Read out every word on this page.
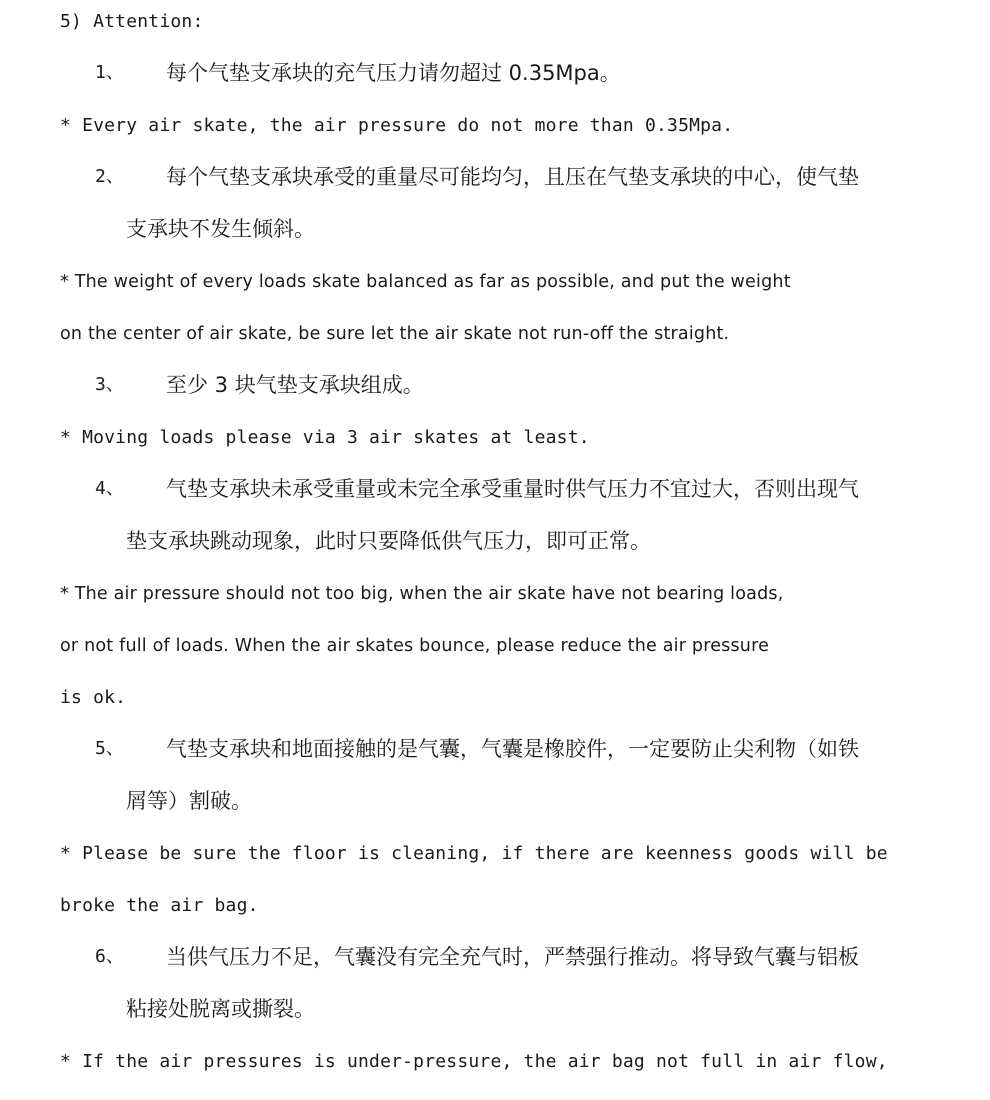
5) Attention:
1、 每个气垫支承块的充气压力请勿超过 0.35Mpa。
* Every air skate, the air pressure do not more than 0.35Mpa.
2、 每个气垫支承块承受的重量尽可能均匀，且压在气垫支承块的中心，使气垫
支承块不发生倾斜。
* The weight of every loads skate balanced as far as possible, and put the weight
on the center of air skate, be sure let the air skate not run-off the straight.
3、 至少 3 块气垫支承块组成。
* Moving loads please via 3 air skates at least.
4、 气垫支承块未承受重量或未完全承受重量时供气压力不宜过大，否则出现气
垫支承块跳动现象，此时只要降低供气压力，即可正常。
* The air pressure should not too big, when the air skate have not bearing loads,
or not full of loads. When the air skates bounce, please reduce the air pressure
is ok.
5、 气垫支承块和地面接触的是气囊，气囊是橡胶件，一定要防止尖利物（如铁
屑等）割破。
* Please be sure the floor is cleaning, if there are keenness goods will be
broke the air bag.
6、 当供气压力不足，气囊没有完全充气时，严禁强行推动。将导致气囊与铝板
粘接处脱离或撕裂。
* If the air pressures is under-pressure, the air bag not full in air flow,
